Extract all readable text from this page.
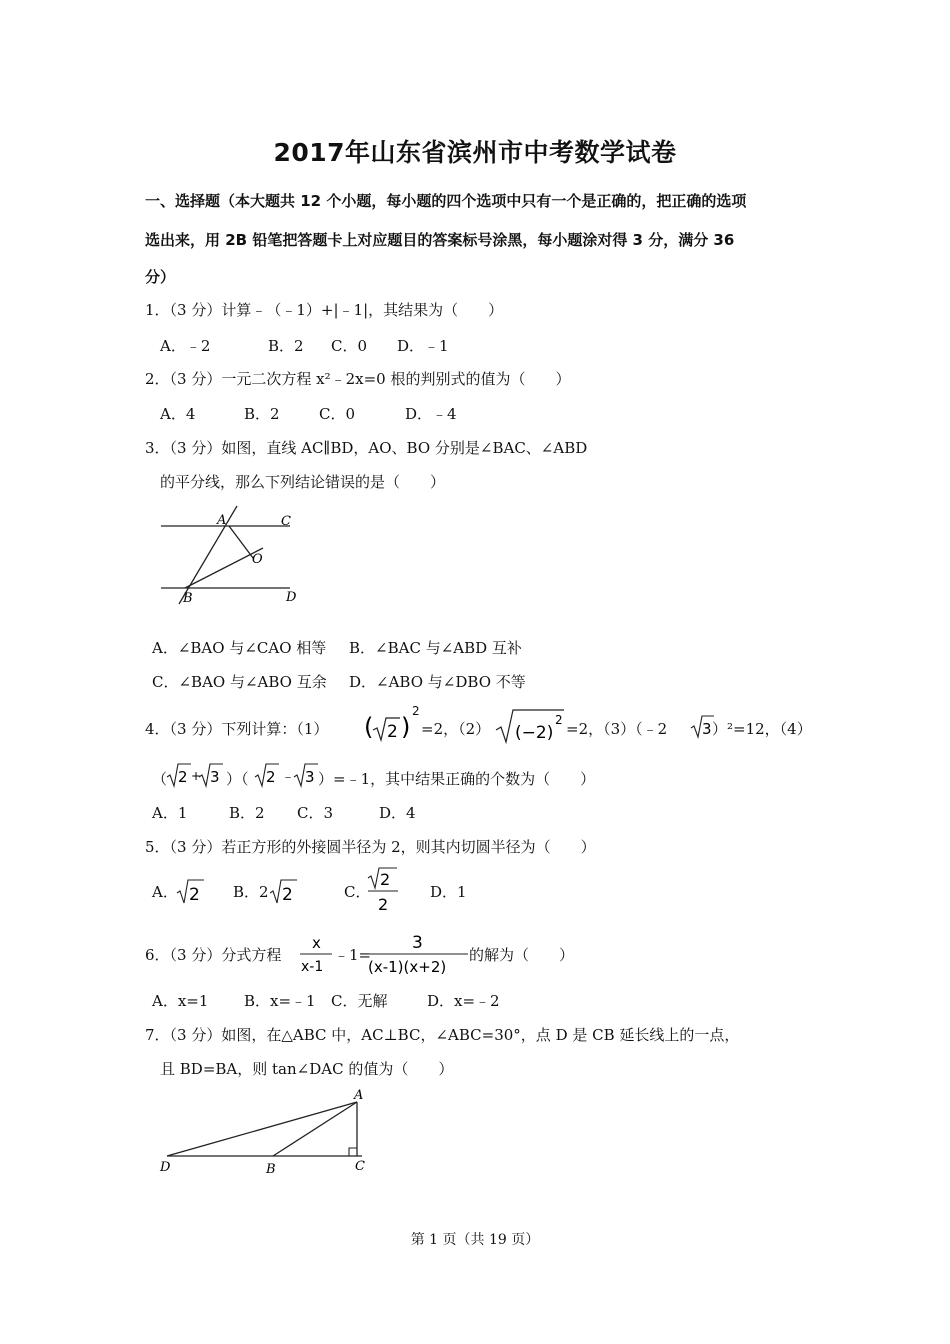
2017年山东省滨州市中考数学试卷
一、选择题（本大题共 12 个小题，每小题的四个选项中只有一个是正确的，把正确的选项
选出来，用 2B 铅笔把答题卡上对应题目的答案标号涂黑，每小题涂对得 3 分，满分 36
分）
1．（3 分）计算﹣（﹣1）+|﹣1|，其结果为（　　）
A．﹣2	B．2 C．0 D．﹣1
2．（3 分）一元二次方程 x²﹣2x=0 根的判别式的值为（　　）
A．4	B．2	C．0	D．﹣4
3．（3 分）如图，直线 AC∥BD，AO、BO 分别是∠BAC、∠ABD
的平分线，那么下列结论错误的是（　　）
A	C
O
B	D
A．∠BAO 与∠CAO 相等 B．∠BAC 与∠ABD 互补
C．∠BAO 与∠ABO 互余 D．∠ABO 与∠DBO 不等
4．（3 分）下列计算：（1） ( 2 )
2
=2，（2） (−2)
2 =2，（3）（﹣2 3 ）²=12，（4）
（ 2 + 3 ）（ 2 ﹣ 3 ）=﹣1，其中结果正确的个数为（　　）
A．1	B．2 C．3	D．4
5．（3 分）若正方形的外接圆半径为 2，则其内切圆半径为（　　）
A． 2 B．2 2	C．
2
2
D．1
6．（3 分）分式方程
x
x-1
﹣1=
3
(x-1)(x+2)
的解为（　　）
A．x=1 B．x=﹣1 C．无解	D．x=﹣2
7．（3 分）如图，在△ABC 中，AC⊥BC，∠ABC=30°，点 D 是 CB 延长线上的一点，
且 BD=BA，则 tan∠DAC 的值为（　　）
A
D	B	C
第 1 页（共 19 页）
